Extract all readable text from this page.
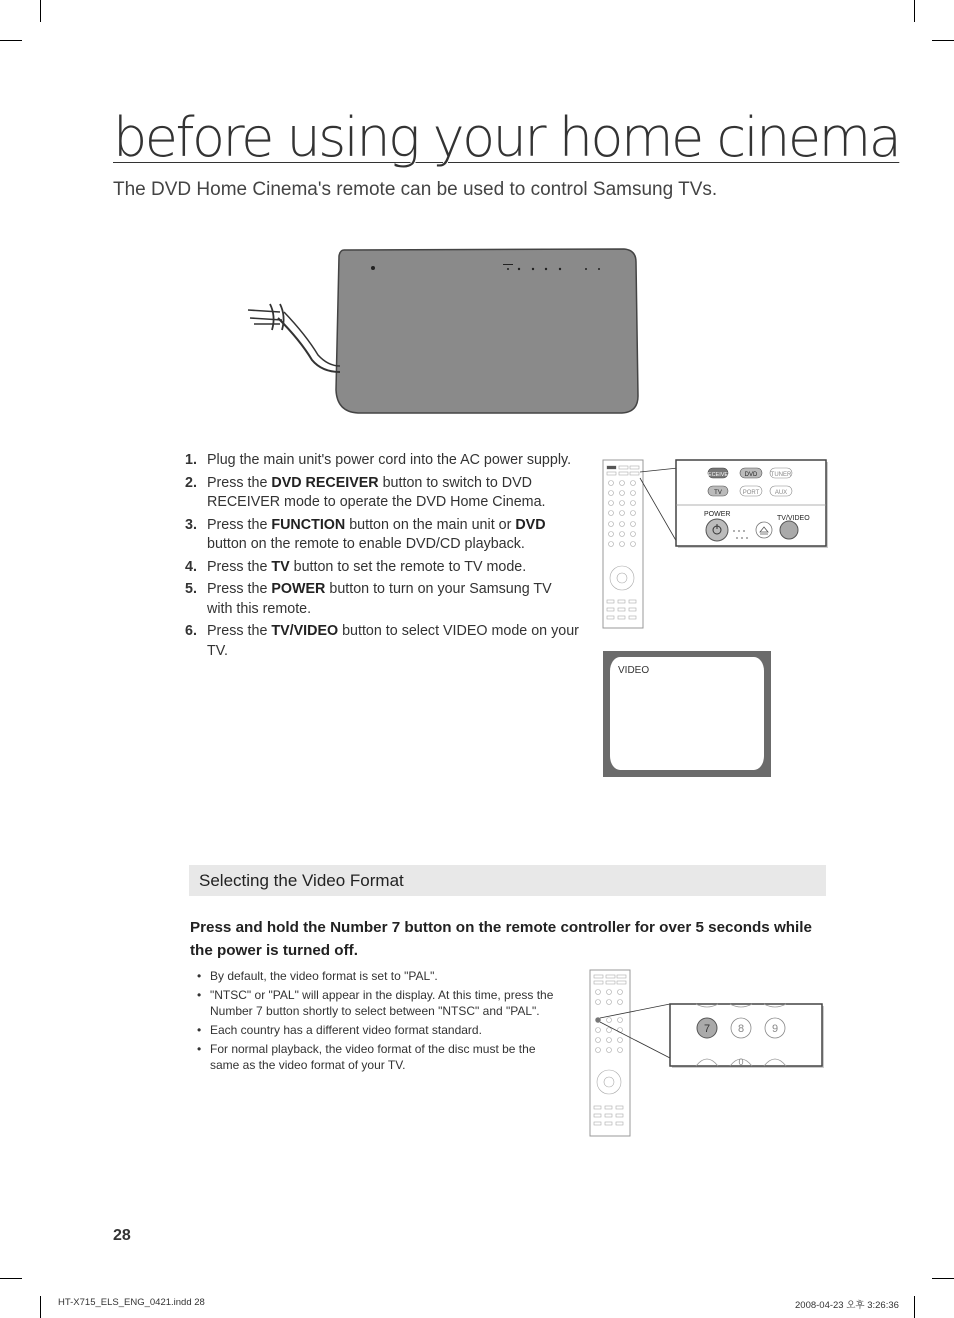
before using your home cinema

The DVD Home Cinema's remote can be used to control Samsung TVs.

1. Plug the main unit's power cord into the AC power supply.
2. Press the DVD RECEIVER button to switch to DVD RECEIVER mode to operate the DVD Home Cinema.
3. Press the FUNCTION button on the main unit or DVD button on the remote to enable DVD/CD playback.
4. Press the TV button to set the remote to TV mode.
5. Press the POWER button to turn on your Samsung TV with this remote.
6. Press the TV/VIDEO button to select VIDEO mode on your TV.
RECEIVER DVD TUNER
TV	PORT	AUX
POWER
TV/VIDEO
VIDEO
Selecting the Video Format

Press and hold the Number 7 button on the remote controller for over 5 seconds while the power is turned off.

• By default, the video format is set to "PAL".
• "NTSC" or "PAL" will appear in the display. At this time, press the Number 7 button shortly to select between "NTSC" and "PAL".
• Each country has a different video format standard.
• For normal playback, the video format of the disc must be the same as the video format of your TV.
7	8	9
0
28
HT-X715_ELS_ENG_0421.indd 28	2008-04-23 오후 3:26:36
